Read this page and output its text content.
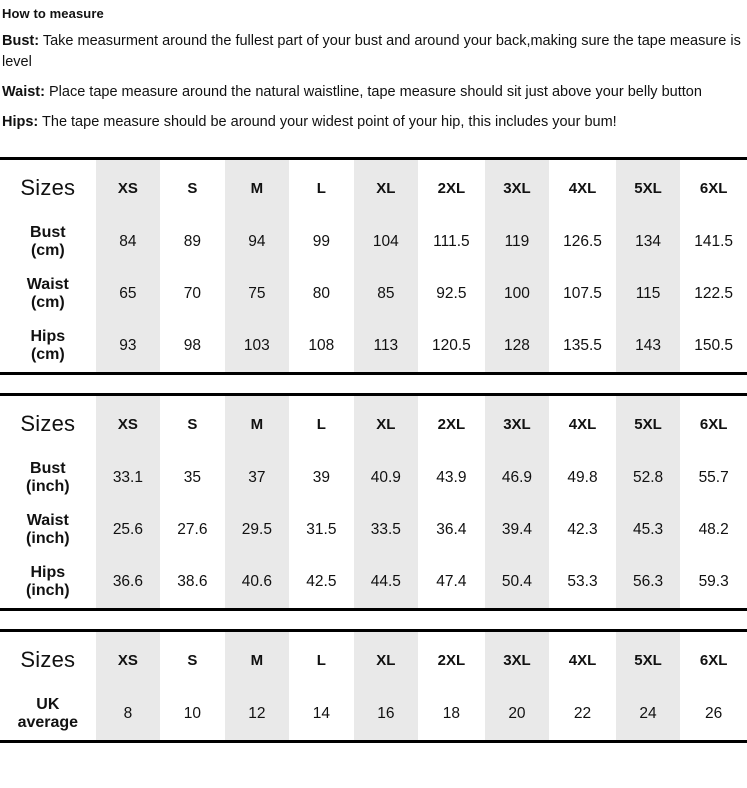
How to measure
Bust: Take measurment around the fullest part of your bust and around your back,making sure the tape measure is level
Waist: Place tape measure around the natural waistline, tape measure should sit just above your belly button
Hips: The tape measure should be around your widest point of your hip, this includes your bum!
Sizes	XS	S	M	L	XL	2XL	3XL	4XL	5XL	6XL
Bust
(cm)	84	89	94	99	104	111.5	119	126.5	134	141.5
Waist
(cm)	65	70	75	80	85	92.5	100	107.5	115	122.5
Hips
(cm)	93	98	103	108	113	120.5	128	135.5	143	150.5
Sizes	XS	S	M	L	XL	2XL	3XL	4XL	5XL	6XL
Bust
(inch)	33.1	35	37	39	40.9	43.9	46.9	49.8	52.8	55.7
Waist
(inch)	25.6	27.6	29.5	31.5	33.5	36.4	39.4	42.3	45.3	48.2
Hips
(inch)	36.6	38.6	40.6	42.5	44.5	47.4	50.4	53.3	56.3	59.3
Sizes	XS	S	M	L	XL	2XL	3XL	4XL	5XL	6XL
UK
average	8	10	12	14	16	18	20	22	24	26
